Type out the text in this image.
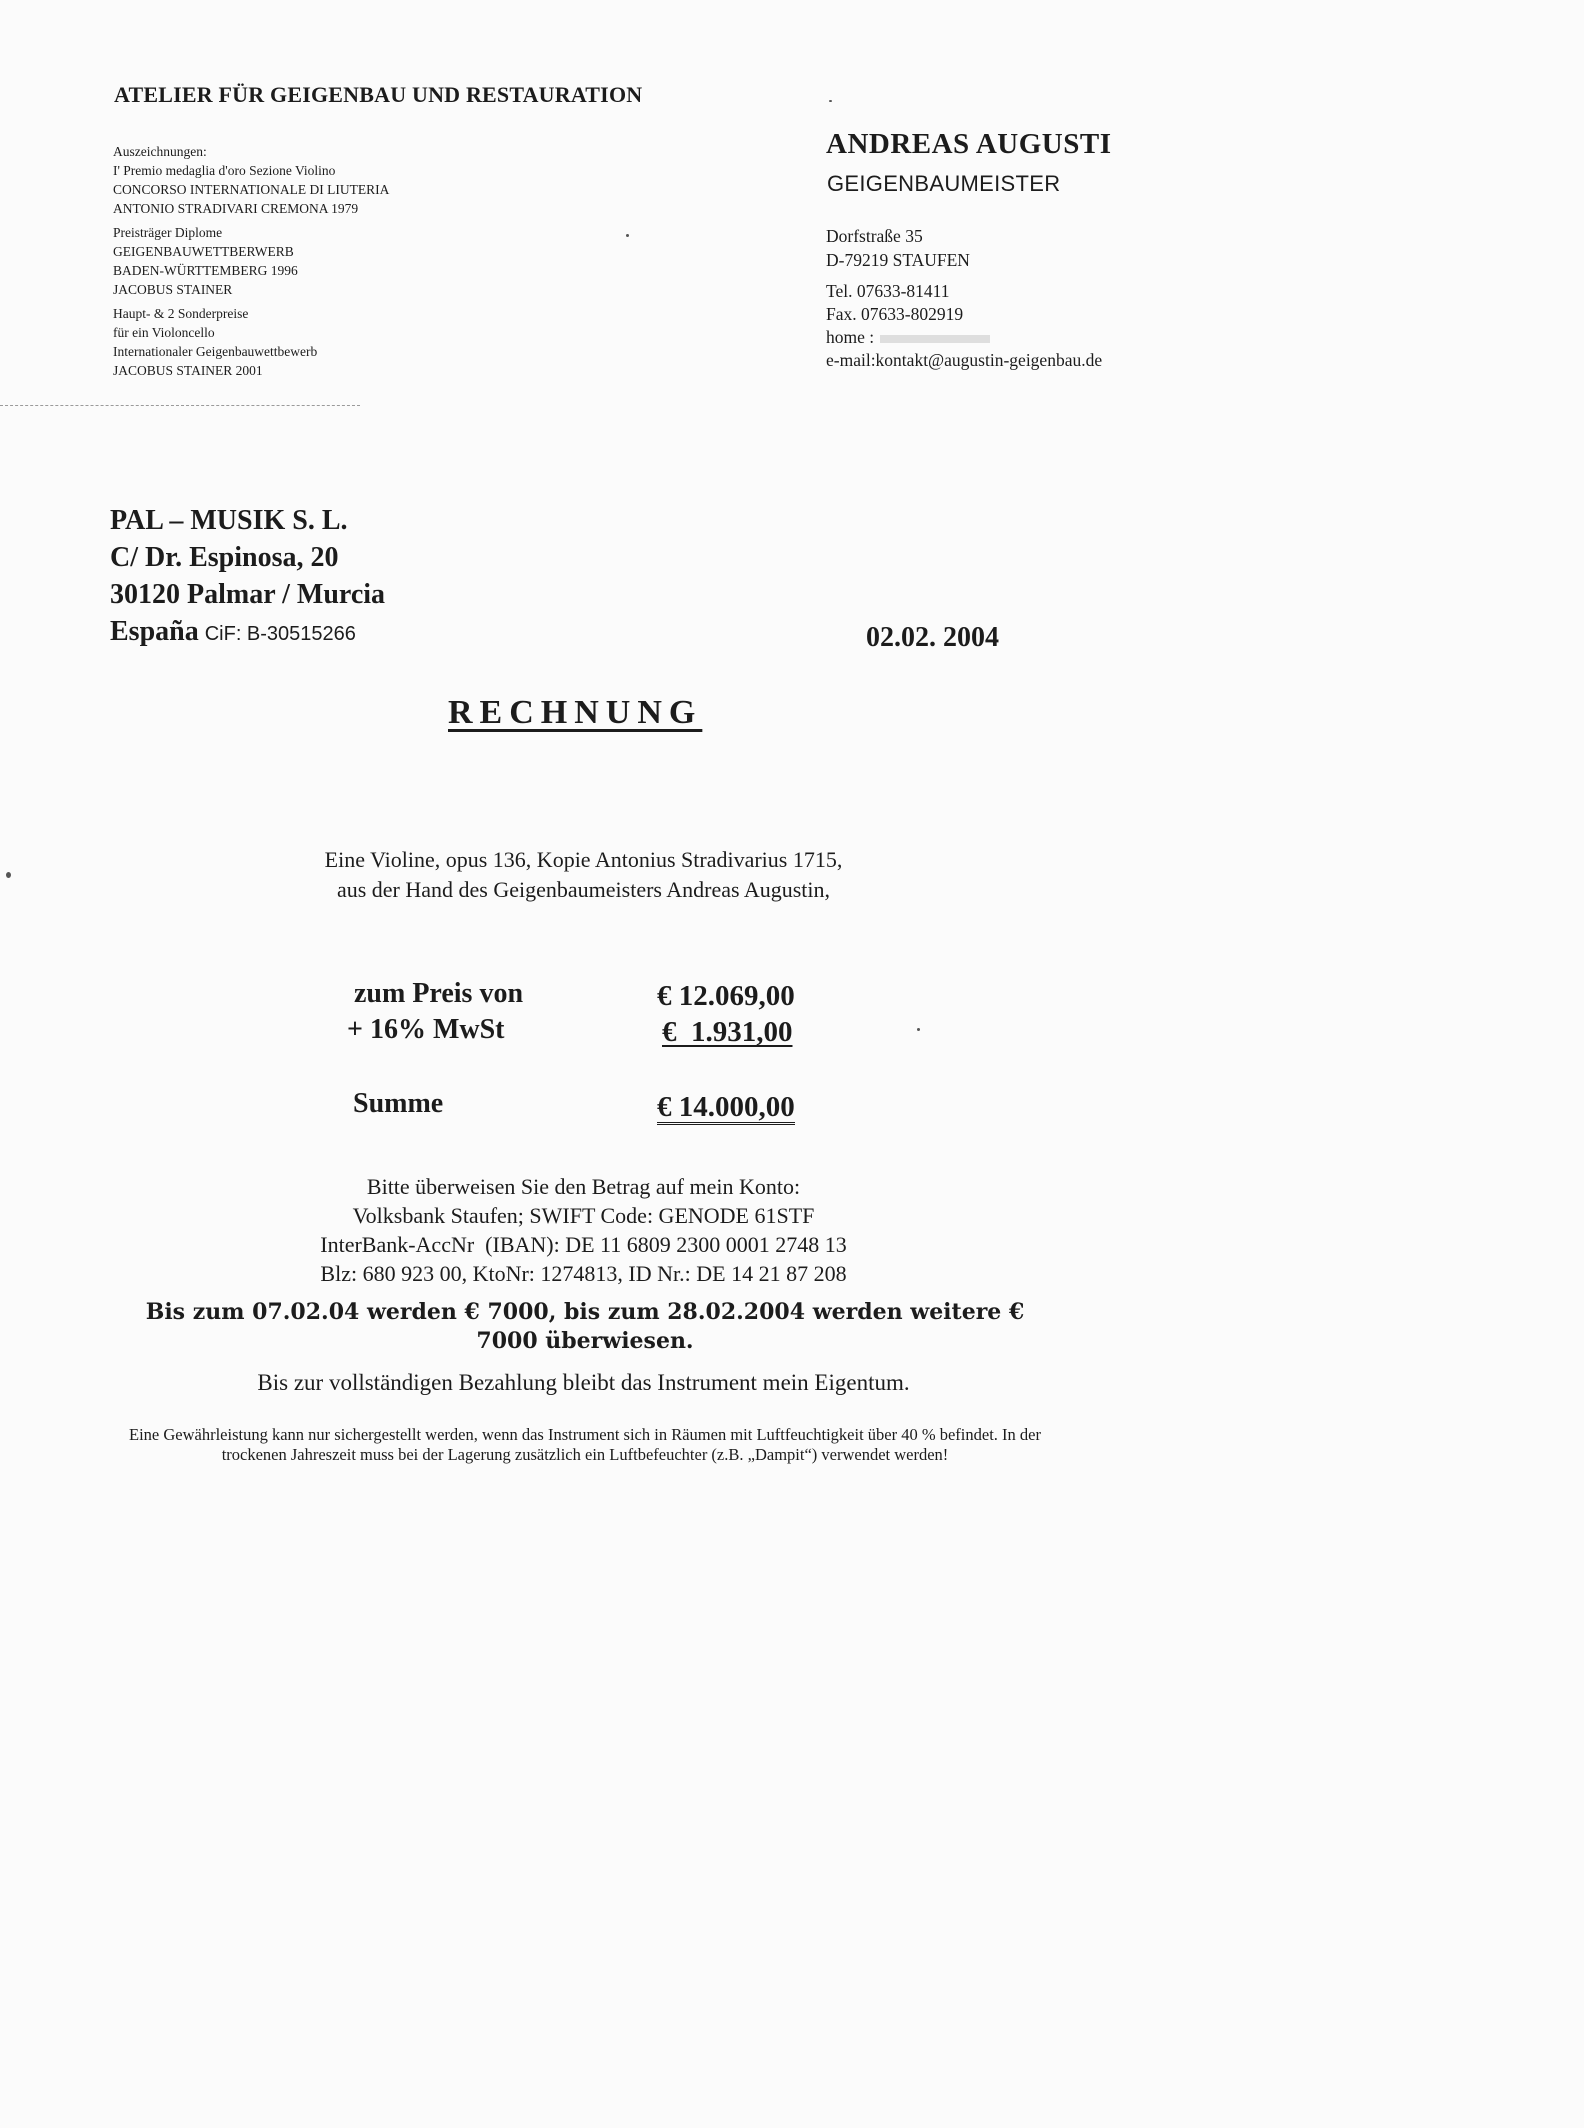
ATELIER FÜR GEIGENBAU UND RESTAURATION
Auszeichnungen:
I' Premio medaglia d'oro Sezione Violino
CONCORSO INTERNATIONALE DI LIUTERIA
ANTONIO STRADIVARI CREMONA 1979
Preisträger Diplome
GEIGENBAUWETTBERWERB
BADEN-WÜRTTEMBERG 1996
JACOBUS STAINER
Haupt- & 2 Sonderpreise
für ein Violoncello
Internationaler Geigenbauwettbewerb
JACOBUS STAINER 2001
ANDREAS AUGUSTI
GEIGENBAUMEISTER
Dorfstraße 35
D-79219 STAUFEN
Tel. 07633-81411
Fax. 07633-802919
home :
e-mail:kontakt@augustin-geigenbau.de
PAL – MUSIK S. L.
C/ Dr. Espinosa, 20
30120 Palmar / Murcia
España CiF: B-30515266	02.02. 2004
RECHNUNG
Eine Violine, opus 136, Kopie Antonius Stradivarius 1715,
aus der Hand des Geigenbaumeisters Andreas Augustin,
zum Preis von	€ 12.069,00
+ 16% MwSt	€  1.931,00
Summe	€ 14.000,00
Bitte überweisen Sie den Betrag auf mein Konto:
Volksbank Staufen; SWIFT Code: GENODE 61STF
InterBank-AccNr  (IBAN): DE 11 6809 2300 0001 2748 13
Blz: 680 923 00, KtoNr: 1274813, ID Nr.: DE 14 21 87 208
Bis zum 07.02.04 werden € 7000, bis zum 28.02.2004 werden weitere € 7000 überwiesen.
Bis zur vollständigen Bezahlung bleibt das Instrument mein Eigentum.
Eine Gewährleistung kann nur sichergestellt werden, wenn das Instrument sich in Räumen mit Luftfeuchtigkeit über 40 % befindet. In der trockenen Jahreszeit muss bei der Lagerung zusätzlich ein Luftbefeuchter (z.B. „Dampit“) verwendet werden!
